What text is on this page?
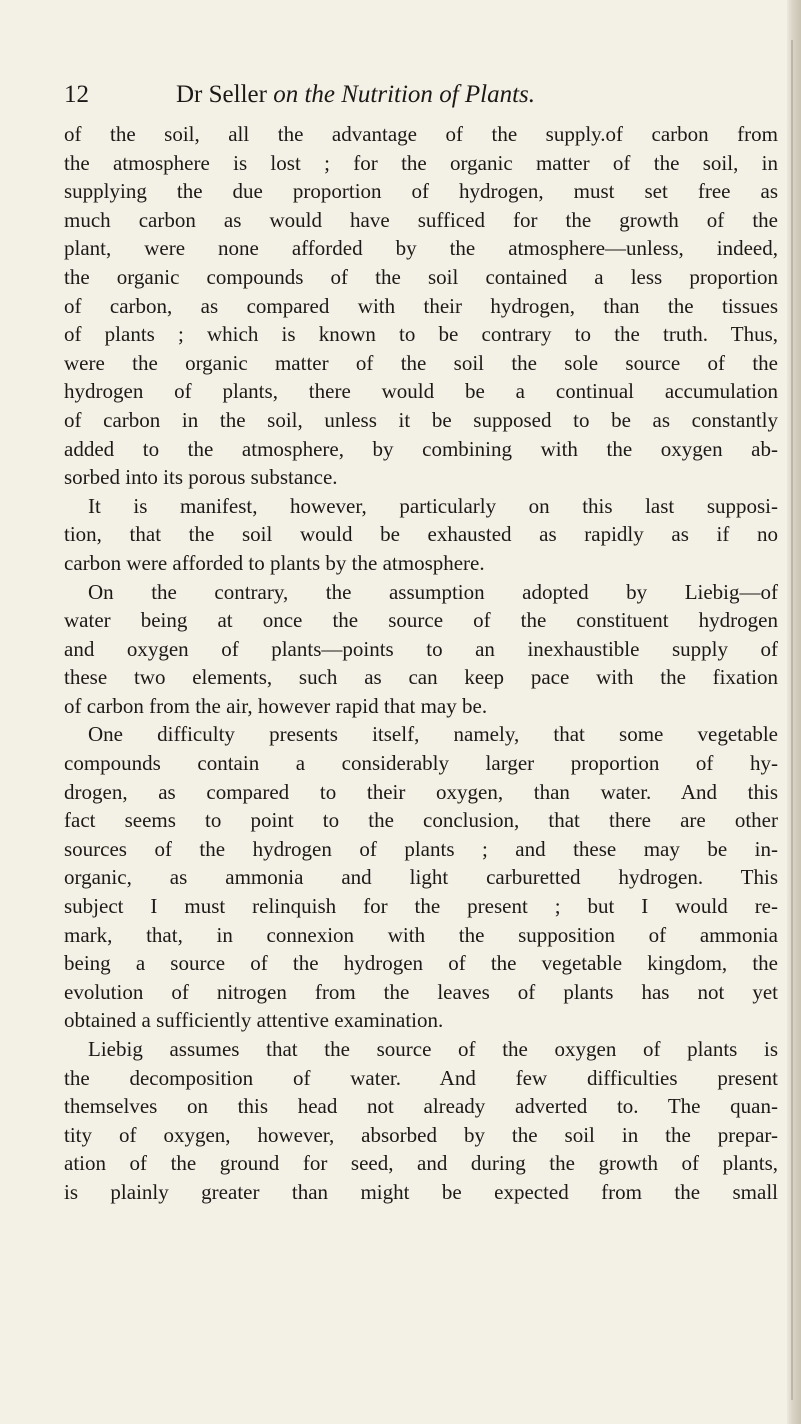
12	Dr Seller on the Nutrition of Plants.
of the soil, all the advantage of the supply.of carbon from
the atmosphere is lost ; for the organic matter of the soil, in
supplying the due proportion of hydrogen, must set free as
much carbon as would have sufficed for the growth of the
plant, were none afforded by the atmosphere—unless, indeed,
the organic compounds of the soil contained a less proportion
of carbon, as compared with their hydrogen, than the tissues
of plants ; which is known to be contrary to the truth. Thus,
were the organic matter of the soil the sole source of the
hydrogen of plants, there would be a continual accumulation
of carbon in the soil, unless it be supposed to be as constantly
added to the atmosphere, by combining with the oxygen ab-
sorbed into its porous substance.
It is manifest, however, particularly on this last supposi-
tion, that the soil would be exhausted as rapidly as if no
carbon were afforded to plants by the atmosphere.
On the contrary, the assumption adopted by Liebig—of
water being at once the source of the constituent hydrogen
and oxygen of plants—points to an inexhaustible supply of
these two elements, such as can keep pace with the fixation
of carbon from the air, however rapid that may be.
One difficulty presents itself, namely, that some vegetable
compounds contain a considerably larger proportion of hy-
drogen, as compared to their oxygen, than water. And this
fact seems to point to the conclusion, that there are other
sources of the hydrogen of plants ; and these may be in-
organic, as ammonia and light carburetted hydrogen. This
subject I must relinquish for the present ; but I would re-
mark, that, in connexion with the supposition of ammonia
being a source of the hydrogen of the vegetable kingdom, the
evolution of nitrogen from the leaves of plants has not yet
obtained a sufficiently attentive examination.
Liebig assumes that the source of the oxygen of plants is
the decomposition of water. And few difficulties present
themselves on this head not already adverted to. The quan-
tity of oxygen, however, absorbed by the soil in the prepar-
ation of the ground for seed, and during the growth of plants,
is plainly greater than might be expected from the small
